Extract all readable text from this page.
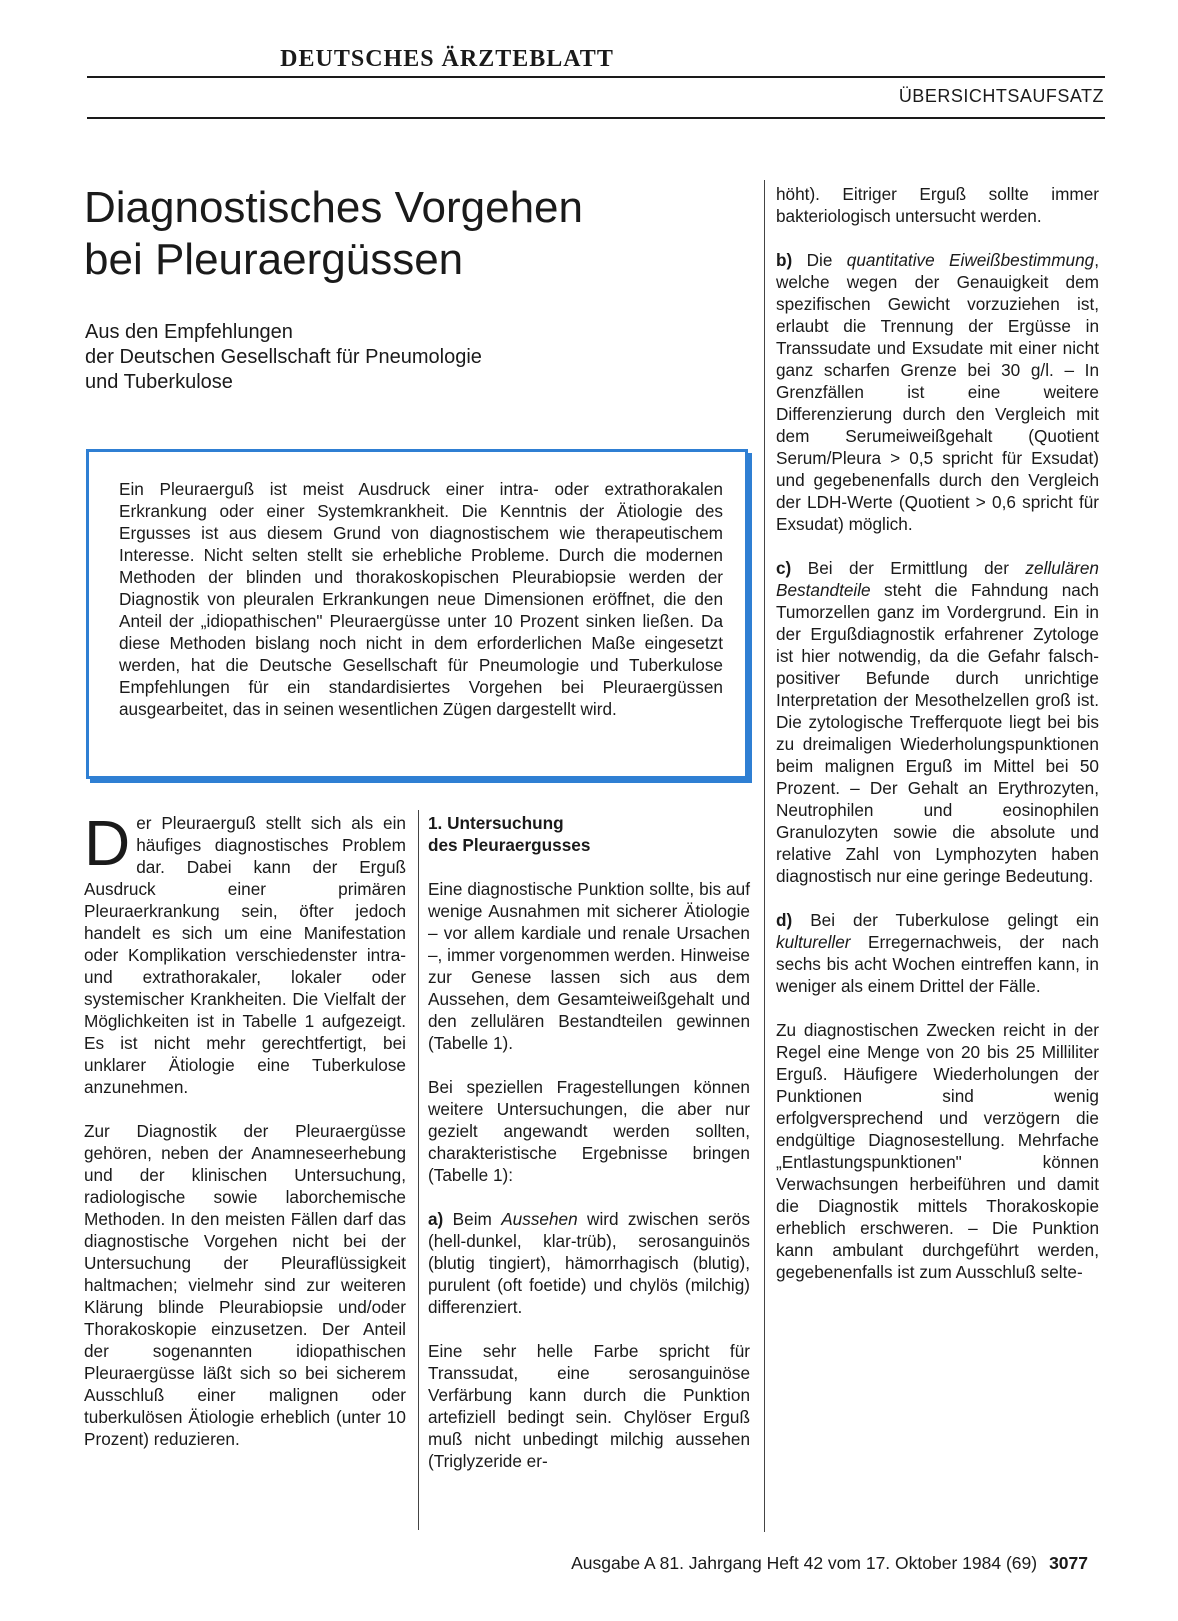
DEUTSCHES ÄRZTEBLATT
ÜBERSICHTSAUFSATZ
Diagnostisches Vorgehen
bei Pleuraergüssen

Aus den Empfehlungen
der Deutschen Gesellschaft für Pneumologie
und Tuberkulose

Ein Pleuraerguß ist meist Ausdruck einer intra- oder extrathorakalen Erkrankung oder einer Systemkrankheit. Die Kenntnis der Ätiologie des Ergusses ist aus diesem Grund von diagnostischem wie therapeutischem Interesse. Nicht selten stellt sie erhebliche Probleme. Durch die modernen Methoden der blinden und thorakoskopischen Pleurabiopsie werden der Diagnostik von pleuralen Erkrankungen neue Dimensionen eröffnet, die den Anteil der „idiopathischen" Pleuraergüsse unter 10 Prozent sinken ließen. Da diese Methoden bislang noch nicht in dem erforderlichen Maße eingesetzt werden, hat die Deutsche Gesellschaft für Pneumologie und Tuberkulose Empfehlungen für ein standardisiertes Vorgehen bei Pleuraergüssen ausgearbeitet, das in seinen wesentlichen Zügen dargestellt wird.

Der Pleuraerguß stellt sich als ein häufiges diagnostisches Problem dar. Dabei kann der Erguß Ausdruck einer primären Pleuraerkrankung sein, öfter jedoch handelt es sich um eine Manifestation oder Komplikation verschiedenster intra- und extrathorakaler, lokaler oder systemischer Krankheiten. Die Vielfalt der Möglichkeiten ist in Tabelle 1 aufgezeigt. Es ist nicht mehr gerechtfertigt, bei unklarer Ätiologie eine Tuberkulose anzunehmen.

Zur Diagnostik der Pleuraergüsse gehören, neben der Anamneseerhebung und der klinischen Untersuchung, radiologische sowie laborchemische Methoden. In den meisten Fällen darf das diagnostische Vorgehen nicht bei der Untersuchung der Pleuraflüssigkeit haltmachen; vielmehr sind zur weiteren Klärung blinde Pleurabiopsie und/oder Thorakoskopie einzusetzen. Der Anteil der sogenannten idiopathischen Pleuraergüsse läßt sich so bei sicherem Ausschluß einer malignen oder tuberkulösen Ätiologie erheblich (unter 10 Prozent) reduzieren.

1. Untersuchung
des Pleuraergusses

Eine diagnostische Punktion sollte, bis auf wenige Ausnahmen mit sicherer Ätiologie – vor allem kardiale und renale Ursachen –, immer vorgenommen werden. Hinweise zur Genese lassen sich aus dem Aussehen, dem Gesamteiweißgehalt und den zellulären Bestandteilen gewinnen (Tabelle 1).

Bei speziellen Fragestellungen können weitere Untersuchungen, die aber nur gezielt angewandt werden sollten, charakteristische Ergebnisse bringen (Tabelle 1):

a) Beim Aussehen wird zwischen serös (hell-dunkel, klar-trüb), serosanguinös (blutig tingiert), hämorrhagisch (blutig), purulent (oft foetide) und chylös (milchig) differenziert.

Eine sehr helle Farbe spricht für Transsudat, eine serosanguinöse Verfärbung kann durch die Punktion artefiziell bedingt sein. Chylöser Erguß muß nicht unbedingt milchig aussehen (Triglyzeride er-

höht). Eitriger Erguß sollte immer bakteriologisch untersucht werden.

b) Die quantitative Eiweißbestimmung, welche wegen der Genauigkeit dem spezifischen Gewicht vorzuziehen ist, erlaubt die Trennung der Ergüsse in Transsudate und Exsudate mit einer nicht ganz scharfen Grenze bei 30 g/l. – In Grenzfällen ist eine weitere Differenzierung durch den Vergleich mit dem Serumeiweißgehalt (Quotient Serum/Pleura > 0,5 spricht für Exsudat) und gegebenenfalls durch den Vergleich der LDH-Werte (Quotient > 0,6 spricht für Exsudat) möglich.

c) Bei der Ermittlung der zellulären Bestandteile steht die Fahndung nach Tumorzellen ganz im Vordergrund. Ein in der Ergußdiagnostik erfahrener Zytologe ist hier notwendig, da die Gefahr falsch-positiver Befunde durch unrichtige Interpretation der Mesothelzellen groß ist. Die zytologische Trefferquote liegt bei bis zu dreimaligen Wiederholungspunktionen beim malignen Erguß im Mittel bei 50 Prozent. – Der Gehalt an Erythrozyten, Neutrophilen und eosinophilen Granulozyten sowie die absolute und relative Zahl von Lymphozyten haben diagnostisch nur eine geringe Bedeutung.

d) Bei der Tuberkulose gelingt ein kultureller Erregernachweis, der nach sechs bis acht Wochen eintreffen kann, in weniger als einem Drittel der Fälle.

Zu diagnostischen Zwecken reicht in der Regel eine Menge von 20 bis 25 Milliliter Erguß. Häufigere Wiederholungen der Punktionen sind wenig erfolgversprechend und verzögern die endgültige Diagnosestellung. Mehrfache „Entlastungspunktionen" können Verwachsungen herbeiführen und damit die Diagnostik mittels Thorakoskopie erheblich erschweren. – Die Punktion kann ambulant durchgeführt werden, gegebenenfalls ist zum Ausschluß selte-

Ausgabe A 81. Jahrgang Heft 42 vom 17. Oktober 1984 (69) 3077
